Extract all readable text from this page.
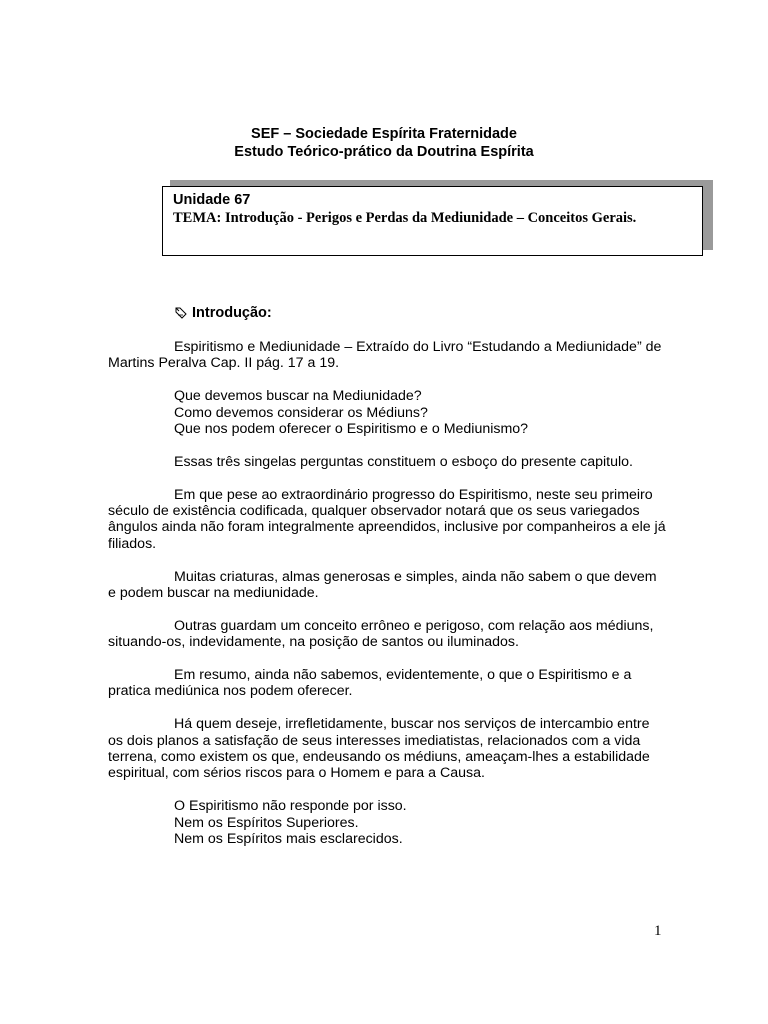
SEF – Sociedade Espírita Fraternidade
Estudo Teórico-prático da Doutrina Espírita
Unidade 67
TEMA: Introdução - Perigos e Perdas da Mediunidade – Conceitos Gerais.
Introdução:

Espiritismo e Mediunidade – Extraído do Livro “Estudando a Mediunidade” de Martins Peralva Cap. II pág. 17 a 19.

Que devemos buscar na Mediunidade?
Como devemos considerar os Médiuns?
Que nos podem oferecer o Espiritismo e o Mediunismo?

Essas três singelas perguntas constituem o esboço do presente capitulo.

Em que pese ao extraordinário progresso do Espiritismo, neste seu primeiro século de existência codificada, qualquer observador notará que os seus variegados ângulos ainda não foram integralmente apreendidos, inclusive por companheiros a ele já filiados.

Muitas criaturas, almas generosas e simples, ainda não sabem o que devem e podem buscar na mediunidade.

Outras guardam um conceito errôneo e perigoso, com relação aos médiuns, situando-os, indevidamente, na posição de santos ou iluminados.

Em resumo, ainda não sabemos, evidentemente, o que o Espiritismo e a pratica mediúnica nos podem oferecer.

Há quem deseje, irrefletidamente, buscar nos serviços de intercambio entre os dois planos a satisfação de seus interesses imediatistas, relacionados com a vida terrena, como existem os que, endeusando os médiuns, ameaçam-lhes a estabilidade espiritual, com sérios riscos para o Homem e para a Causa.

O Espiritismo não responde por isso.
Nem os Espíritos Superiores.
Nem os Espíritos mais esclarecidos.
1
